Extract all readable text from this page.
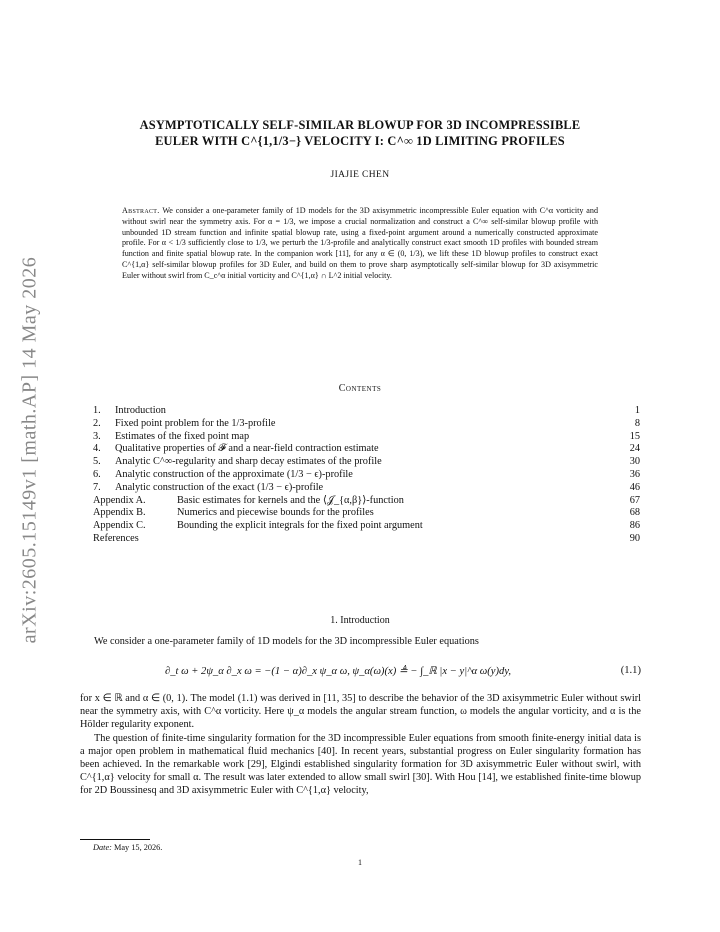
arXiv:2605.15149v1 [math.AP] 14 May 2026
ASYMPTOTICALLY SELF-SIMILAR BLOWUP FOR 3D INCOMPRESSIBLE
EULER WITH C^{1,1/3−} VELOCITY I: C^∞ 1D LIMITING PROFILES
JIAJIE CHEN
Abstract. We consider a one-parameter family of 1D models for the 3D axisymmetric incompressible Euler equation with C^α vorticity and without swirl near the symmetry axis. For α = 1/3, we impose a crucial normalization and construct a C^∞ self-similar blowup profile with unbounded 1D stream function and infinite spatial blowup rate, using a fixed-point argument around a numerically constructed approximate profile. For α < 1/3 sufficiently close to 1/3, we perturb the 1/3-profile and analytically construct exact smooth 1D profiles with bounded stream function and finite spatial blowup rate. In the companion work [11], for any α ∈ (0, 1/3), we lift these 1D blowup profiles to construct exact C^{1,α} self-similar blowup profiles for 3D Euler, and build on them to prove sharp asymptotically self-similar blowup for 3D axisymmetric Euler without swirl from C_c^α initial vorticity and C^{1,α} ∩ L^2 initial velocity.
Contents
1. Introduction	1
2. Fixed point problem for the 1/3-profile	8
3. Estimates of the fixed point map	15
4. Qualitative properties of 𝓕 and a near-field contraction estimate	24
5. Analytic C^∞-regularity and sharp decay estimates of the profile	30
6. Analytic construction of the approximate (1/3 − ϵ)-profile	36
7. Analytic construction of the exact (1/3 − ϵ)-profile	46
Appendix A.	Basic estimates for kernels and the ⟨𝒥_{α,β}⟩-function	67
Appendix B.	Numerics and piecewise bounds for the profiles	68
Appendix C.	Bounding the explicit integrals for the fixed point argument	86
References	90
1. Introduction

We consider a one-parameter family of 1D models for the 3D incompressible Euler equations

∂_t ω + 2ψ_α ∂_x ω = −(1 − α)∂_x ψ_α ω, ψ_α(ω)(x) ≜ − ∫_ℝ |x − y|^α ω(y)dy,	(1.1)

for x ∈ ℝ and α ∈ (0, 1). The model (1.1) was derived in [11, 35] to describe the behavior of the 3D axisymmetric Euler without swirl near the symmetry axis, with C^α vorticity. Here ψ_α models the angular stream function, ω models the angular vorticity, and α is the Hölder regularity exponent.

The question of finite-time singularity formation for the 3D incompressible Euler equations from smooth finite-energy initial data is a major open problem in mathematical fluid mechanics [40]. In recent years, substantial progress on Euler singularity formation has been achieved. In the remarkable work [29], Elgindi established singularity formation for 3D axisymmetric Euler without swirl, with C^{1,α} velocity for small α. The result was later extended to allow small swirl [30]. With Hou [14], we established finite-time blowup for 2D Boussinesq and 3D axisymmetric Euler with C^{1,α} velocity,

Date: May 15, 2026.
1
